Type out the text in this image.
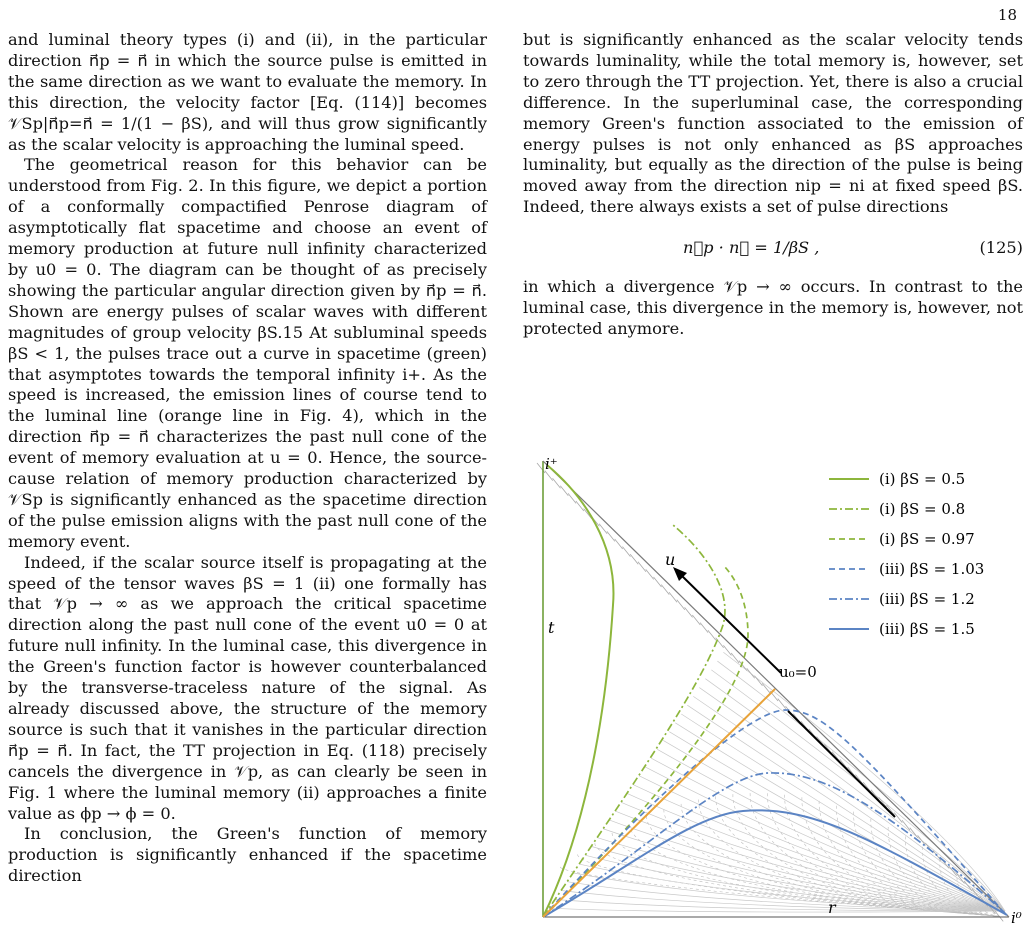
18

and luminal theory types (i) and (ii), in the particular direction n⃗p = n⃗ in which the source pulse is emitted in the same direction as we want to evaluate the memory. In this direction, the velocity factor [Eq. (114)] becomes 𝒱Sp|n⃗p=n⃗ = 1/(1 − βS), and will thus grow significantly as the scalar velocity is approaching the luminal speed.

The geometrical reason for this behavior can be understood from Fig. 2. In this figure, we depict a portion of a conformally compactified Penrose diagram of asymptotically flat spacetime and choose an event of memory production at future null infinity characterized by u0 = 0. The diagram can be thought of as precisely showing the particular angular direction given by n⃗p = n⃗. Shown are energy pulses of scalar waves with different magnitudes of group velocity βS.15 At subluminal speeds βS < 1, the pulses trace out a curve in spacetime (green) that asymptotes towards the temporal infinity i+. As the speed is increased, the emission lines of course tend to the luminal line (orange line in Fig. 4), which in the direction n⃗p = n⃗ characterizes the past null cone of the event of memory evaluation at u = 0. Hence, the source-cause relation of memory production characterized by 𝒱Sp is significantly enhanced as the spacetime direction of the pulse emission aligns with the past null cone of the memory event.

Indeed, if the scalar source itself is propagating at the speed of the tensor waves βS = 1 (ii) one formally has that 𝒱p → ∞ as we approach the critical spacetime direction along the past null cone of the event u0 = 0 at future null infinity. In the luminal case, this divergence in the Green's function factor is however counterbalanced by the transverse-traceless nature of the signal. As already discussed above, the structure of the memory source is such that it vanishes in the particular direction n⃗p = n⃗. In fact, the TT projection in Eq. (118) precisely cancels the divergence in 𝒱p, as can clearly be seen in Fig. 1 where the luminal memory (ii) approaches a finite value as ϕp → ϕ = 0.

In conclusion, the Green's function of memory production is significantly enhanced if the spacetime direction

but is significantly enhanced as the scalar velocity tends towards luminality, while the total memory is, however, set to zero through the TT projection. Yet, there is also a crucial difference. In the superluminal case, the corresponding memory Green's function associated to the emission of energy pulses is not only enhanced as βS approaches luminality, but equally as the direction of the pulse is being moved away from the direction nip = ni at fixed speed βS. Indeed, there always exists a set of pulse directions

n⃗p · n⃗ = 1/βS ,	(125)

in which a divergence 𝒱p → ∞ occurs. In contrast to the luminal case, this divergence in the memory is, however, not protected anymore.

i⁺
i⁰
t
r
u
u₀=0
(i) βS = 0.5
(i) βS = 0.8
(i) βS = 0.97
(iii) βS = 1.03
(iii) βS = 1.2
(iii) βS = 1.5
